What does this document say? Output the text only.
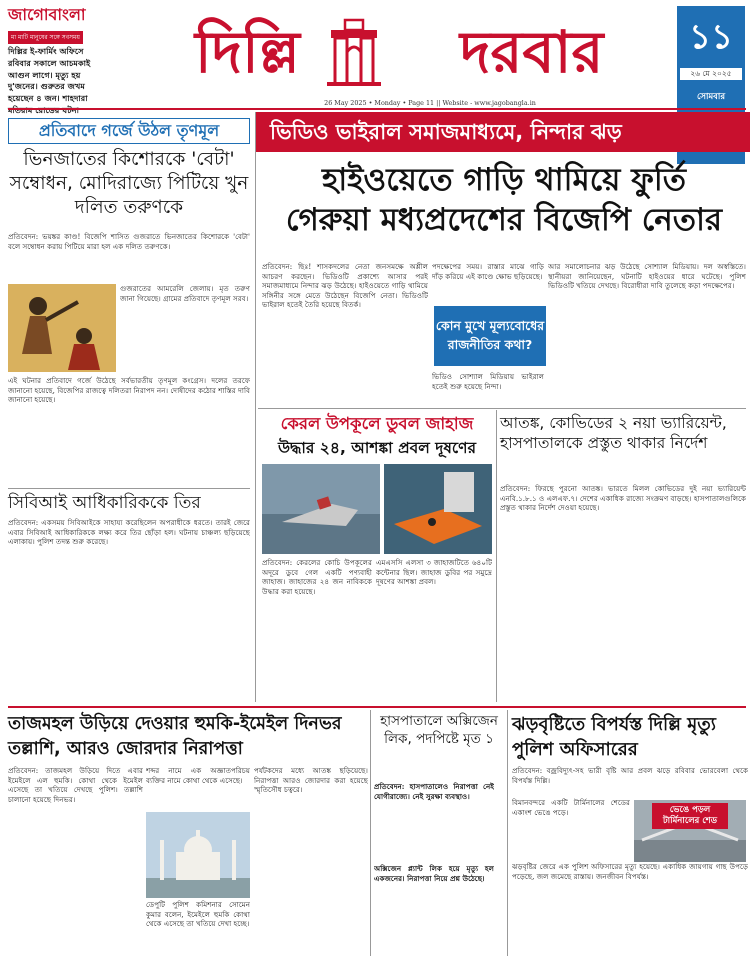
জাগোবাংলা
মা মাটি মানুষের সঙ্গে সবসময়
দিল্লির ই-ফার্মিং অফিসে
রবিবার সকালে আচমকাই
আগুন লাগে। মৃত্যু হয়
দু'জনের। গুরুতর জখম
হয়েছেন ৪ জন। শাহদারা
দিল্লি	দরবার
26 May 2025 • Monday • Page 11 || Website - www.jagobangla.in
১১
২৬ মে ২০২৫
সোমবার
ভিডিও ভাইরাল সমাজমাধ্যমে, নিন্দার ঝড়
হাইওয়েতে গাড়ি থামিয়ে ফুর্তি
গেরুয়া মধ্যপ্রদেশের বিজেপি নেতার
প্রতিবেদন: ছিঃ! শাসকদলের নেতা জনসমক্ষে অশ্লীল আচরণ করছেন। ভিডিওটি প্রকাশ্যে আসার পরই সমাজমাধ্যমে নিন্দার ঝড় উঠেছে। হাইওয়েতে গাড়ি থামিয়ে সঙ্গিনীর সঙ্গে মেতে উঠেছেন বিজেপি নেতা। ভিডিওটি ভাইরাল হতেই তৈরি হয়েছে বিতর্ক।
পদক্ষেপের সময়। রাস্তার মাঝে গাড়ি দাঁড় করিয়ে এই কাণ্ডে ক্ষোভ ছড়িয়েছে।
কোন মুখে মূল্যবোধের রাজনীতির কথা?
ভিডিও সোশ্যাল মিডিয়ায় ভাইরাল হতেই শুরু হয়েছে নিন্দা।
আর সমালোচনার ঝড় উঠেছে সোশ্যাল মিডিয়ায়। দল অস্বস্তিতে। স্থানীয়রা জানিয়েছেন, ঘটনাটি হাইওয়ের ধারে ঘটেছে। পুলিশ ভিডিওটি খতিয়ে দেখছে। বিরোধীরা দাবি তুলেছে কড়া পদক্ষেপের।
প্রতিবাদে গর্জে উঠল তৃণমূল
ভিনজাতের কিশোরকে 'বেটা' সম্বোধন, মোদিরাজ্যে পিটিয়ে খুন দলিত তরুণকে
প্রতিবেদন: ভয়ঙ্কর কাণ্ড! বিজেপি শাসিত গুজরাতে ভিনজাতের কিশোরকে 'বেটা' বলে সম্বোধন করায় পিটিয়ে মারা হল এক দলিত তরুণকে।
গুজরাতের আমরেলি জেলায়। মৃত তরুণ জানা গিয়েছে। গ্রামের প্রতিবাদে তৃণমূল সরব।
এই ঘটনার প্রতিবাদে গর্জে উঠেছে সর্বভারতীয় তৃণমূল কংগ্রেস। দলের তরফে জানানো হয়েছে, বিজেপির রাজত্বে দলিতরা নিরাপদ নন। দোষীদের কঠোর শাস্তির দাবি জানানো হয়েছে।
সিবিআই আধিকারিককে তির
প্রতিবেদন: একসময় সিবিআইকে সাহায্য করেছিলেন অপরাধীকে ধরতে। তারই জেরে এবার সিবিআই আধিকারিককে লক্ষ্য করে তির ছোঁড়া হল। ঘটনায় চাঞ্চল্য ছড়িয়েছে এলাকায়। পুলিশ তদন্ত শুরু করেছে।
কেরল উপকূলে ডুবল জাহাজ
উদ্ধার ২৪, আশঙ্কা প্রবল দূষণের
প্রতিবেদন: কেরলের কোচি উপকূলের অদূরে ডুবে গেল একটি পণ্যবাহী জাহাজ। জাহাজের ২৪ জন নাবিককে উদ্ধার করা হয়েছে।
এমএসসি এলসা ৩ জাহাজটিতে ৬৪০টি কন্টেনার ছিল। জাহাজ ডুবির পর সমুদ্রে দূষণের আশঙ্কা প্রবল।
আতঙ্ক, কোভিডের ২ নয়া ভ্যারিয়েন্ট, হাসপাতালকে প্রস্তুত থাকার নির্দেশ
প্রতিবেদন: ফিরছে পুরনো আতঙ্ক। ভারতে মিলল কোভিডের দুই নয়া ভ্যারিয়েন্ট এনবি.১.৮.১ ও এলএফ.৭। দেশের একাধিক রাজ্যে সংক্রমণ বাড়ছে। হাসপাতালগুলিকে প্রস্তুত থাকার নির্দেশ দেওয়া হয়েছে।
তাজমহল উড়িয়ে দেওয়ার হুমকি-ইমেইল দিনভর তল্লাশি, আরও জোরদার নিরাপত্তা
প্রতিবেদন: তাজমহল উড়িয়ে দিতে এবার ইমেইলে এল হুমকি। কোথা থেকে ইমেইল এসেছে তা খতিয়ে দেখছে পুলিশ। তল্লাশি চালানো হয়েছে দিনভর।
শব্দর নামে এক অজ্ঞাতপরিচয় ব্যক্তির নামে কোথা থেকে এসেছে।
ডেপুটি পুলিশ কমিশনার সোমেন কুমার বলেন, ইমেইলে হুমকি কোথা থেকে এসেছে তা খতিয়ে দেখা হচ্ছে।
পর্যটকদের মধ্যে আতঙ্ক ছড়িয়েছে। নিরাপত্তা আরও জোরদার করা হয়েছে স্মৃতিসৌধ চত্বরে।
হাসপাতালে অক্সিজেন লিক, পদপিষ্টে মৃত ১
প্রতিবেদন: হাসপাতালেও নিরাপত্তা নেই যোগীরাজ্যে। নেই সুরক্ষা ব্যবস্থাও।
অক্সিজেন প্ল্যান্ট লিক হয়ে মৃত্যু হল একজনের। নিরাপত্তা নিয়ে প্রশ্ন উঠেছে।
ঝড়বৃষ্টিতে বিপর্যস্ত দিল্লি মৃত্যু পুলিশ অফিসারের
প্রতিবেদন: বজ্রবিদ্যুৎ-সহ ভারী বৃষ্টি আর প্রবল ঝড়ে রবিবার ভোরবেলা থেকে বিপর্যস্ত দিল্লি।
বিমানবন্দরে একটি টার্মিনালের শেডের একাংশ ভেঙে পড়ে।	ভেঙে পড়ল টার্মিনালের শেড
ঝড়বৃষ্টির জেরে এক পুলিশ অফিসারের মৃত্যু হয়েছে। একাধিক জায়গায় গাছ উপড়ে পড়েছে, জল জমেছে রাস্তায়। জনজীবন বিপর্যস্ত।
